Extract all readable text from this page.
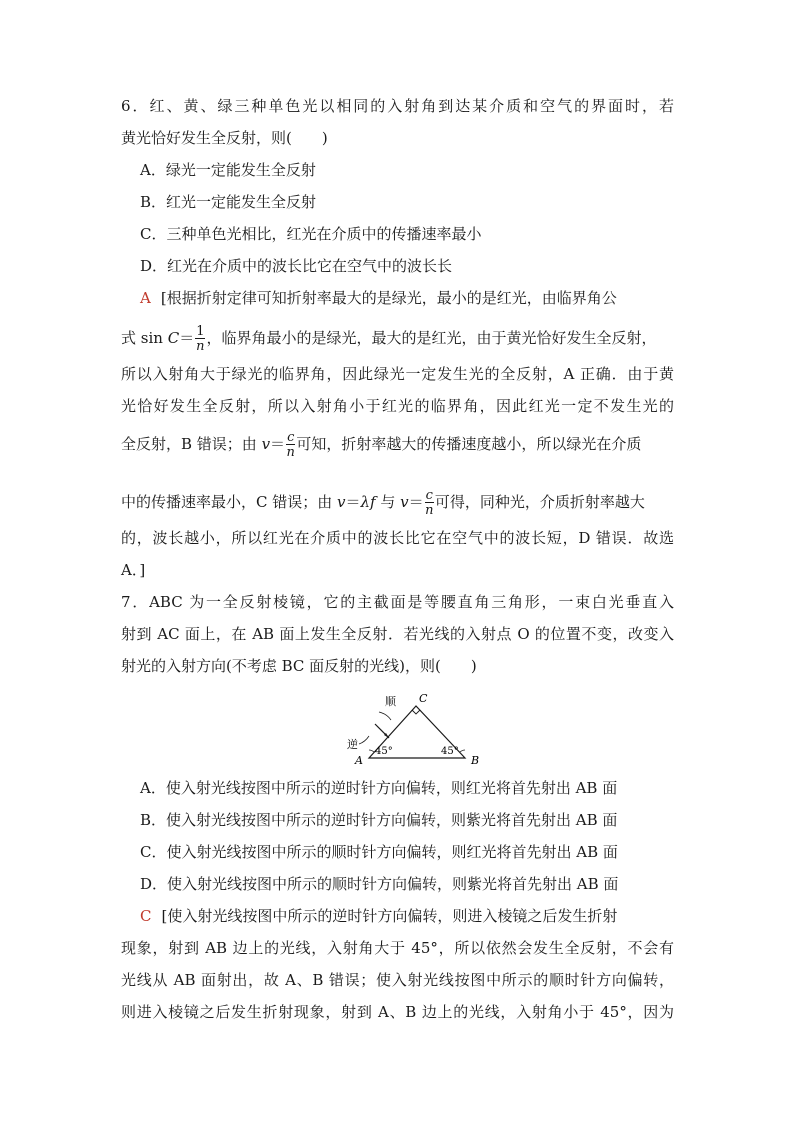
6．红、黄、绿三种单色光以相同的入射角到达某介质和空气的界面时，若
黄光恰好发生全反射，则(　　)
A．绿光一定能发生全反射
B．红光一定能发生全反射
C．三种单色光相比，红光在介质中的传播速率最小
D．红光在介质中的波长比它在空气中的波长长
A [根据折射定律可知折射率最大的是绿光，最小的是红光，由临界角公
式 $\sin C= \frac{1}{n}$ ，临界角最小的是绿光，最大的是红光，由于黄光恰好发生全反射，
所以入射角大于绿光的临界角，因此绿光一定发生光的全反射，A 正确．由于黄
光恰好发生全反射，所以入射角小于红光的临界角，因此红光一定不发生光的
全反射，B 错误；由 $v= \frac{c}{n}$ 可知，折射率越大的传播速度越小，所以绿光在介质
中的传播速率最小，C 错误；由 v＝λf 与 $v= \frac{c}{n}$ 可得，同种光，介质折射率越大
的，波长越小，所以红光在介质中的波长比它在空气中的波长短，D 错误．故选
A．]
7．ABC 为一全反射棱镜，它的主截面是等腰直角三角形，一束白光垂直入
射到 AC 面上，在 AB 面上发生全反射．若光线的入射点 O 的位置不变，改变入
射光的入射方向(不考虑 BC 面反射的光线)，则(　　)
顺 C
逆
A	B
45°	45°
A．使入射光线按图中所示的逆时针方向偏转，则红光将首先射出 AB 面
B．使入射光线按图中所示的逆时针方向偏转，则紫光将首先射出 AB 面
C．使入射光线按图中所示的顺时针方向偏转，则红光将首先射出 AB 面
D．使入射光线按图中所示的顺时针方向偏转，则紫光将首先射出 AB 面
C [使入射光线按图中所示的逆时针方向偏转，则进入棱镜之后发生折射
现象，射到 AB 边上的光线，入射角大于 45°，所以依然会发生全反射，不会有
光线从 AB 面射出，故 A、B 错误；使入射光线按图中所示的顺时针方向偏转，
则进入棱镜之后发生折射现象，射到 A、B 边上的光线，入射角小于 45°，因为
